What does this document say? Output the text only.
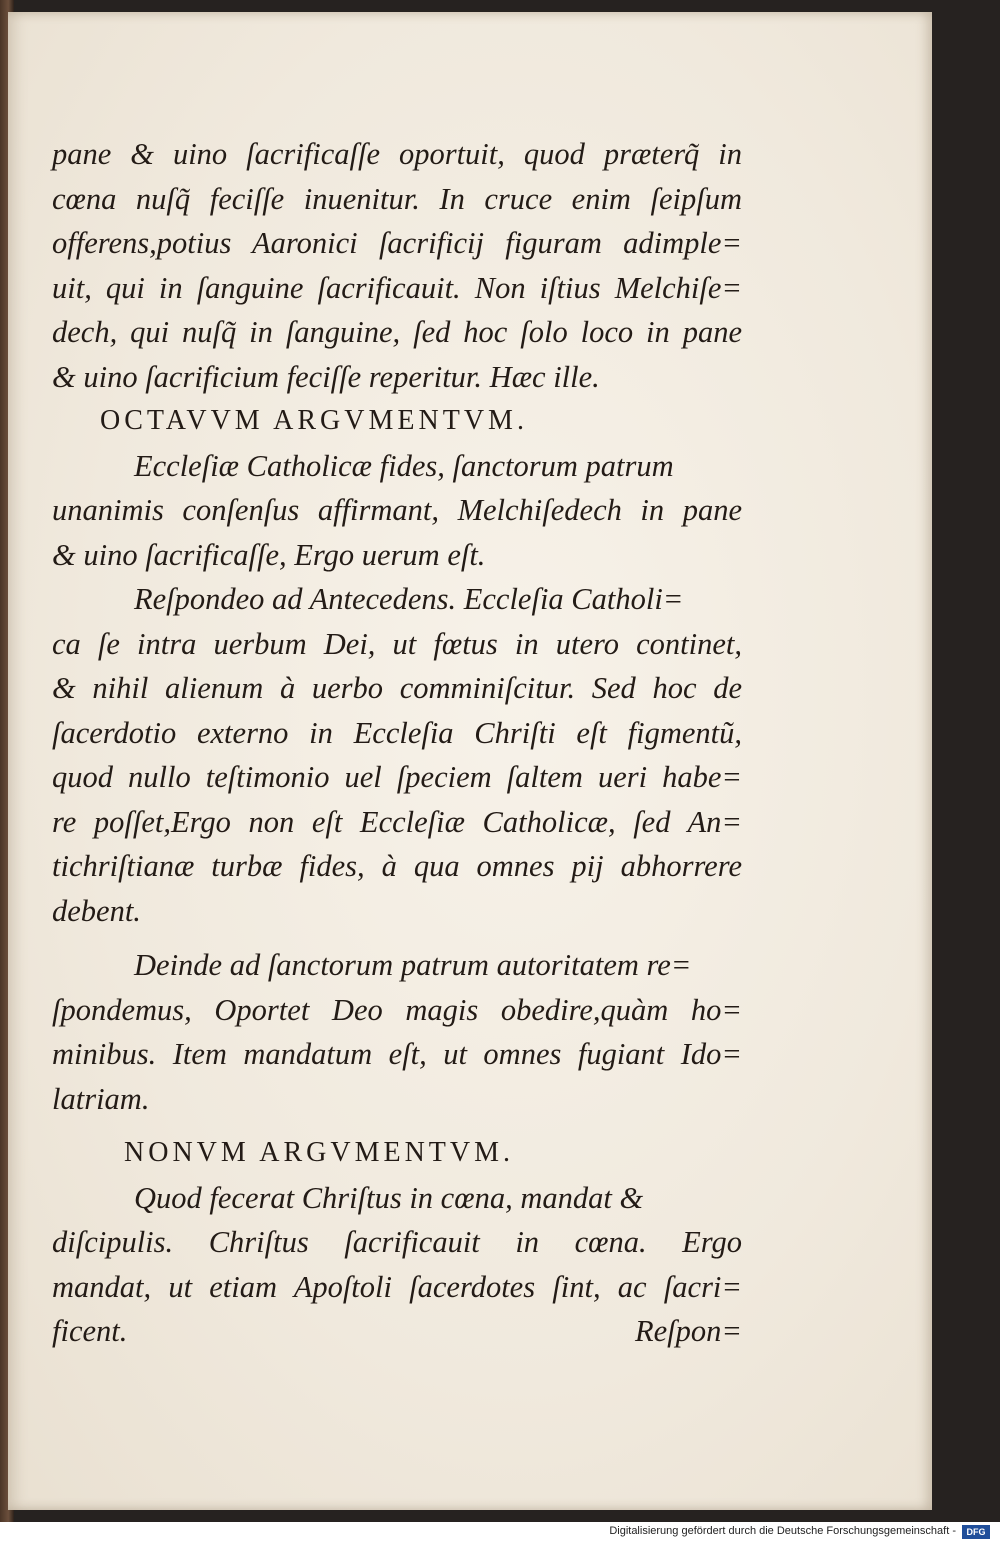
pane & uino ſacrificaſſe oportuit, quod præterq̃ in
cœna nuſq̃ feciſſe inuenitur. In cruce enim ſeipſum
offerens,potius Aaronici ſacrificij figuram adimple=
uit, qui in ſanguine ſacrificauit. Non iſtius Melchiſe=
dech, qui nuſq̃ in ſanguine, ſed hoc ſolo loco in pane
& uino ſacrificium feciſſe reperitur. Hæc ille.
OCTAVVM ARGVMENTVM.
Eccleſiæ Catholicæ fides, ſanctorum patrum
unanimis conſenſus affirmant, Melchiſedech in pane
& uino ſacrificaſſe, Ergo uerum eſt.
Reſpondeo ad Antecedens. Eccleſia Catholi=
ca ſe intra uerbum Dei, ut fœtus in utero continet,
& nihil alienum à uerbo comminiſcitur. Sed hoc de
ſacerdotio externo in Eccleſia Chriſti eſt figmentũ,
quod nullo teſtimonio uel ſpeciem ſaltem ueri habe=
re poſſet,Ergo non eſt Eccleſiæ Catholicæ, ſed An=
tichriſtianæ turbæ fides, à qua omnes pij abhorrere
debent.
Deinde ad ſanctorum patrum autoritatem re=
ſpondemus, Oportet Deo magis obedire,quàm ho=
minibus. Item mandatum eſt, ut omnes fugiant Ido=
latriam.
NONVM ARGVMENTVM.
Quod fecerat Chriſtus in cœna, mandat &
diſcipulis. Chriſtus ſacrificauit in cœna. Ergo
mandat, ut etiam Apoſtoli ſacerdotes ſint, ac ſacri=
ficent.	Reſpon=
Digitalisierung gefördert durch die Deutsche Forschungsgemeinschaft -	DFG
